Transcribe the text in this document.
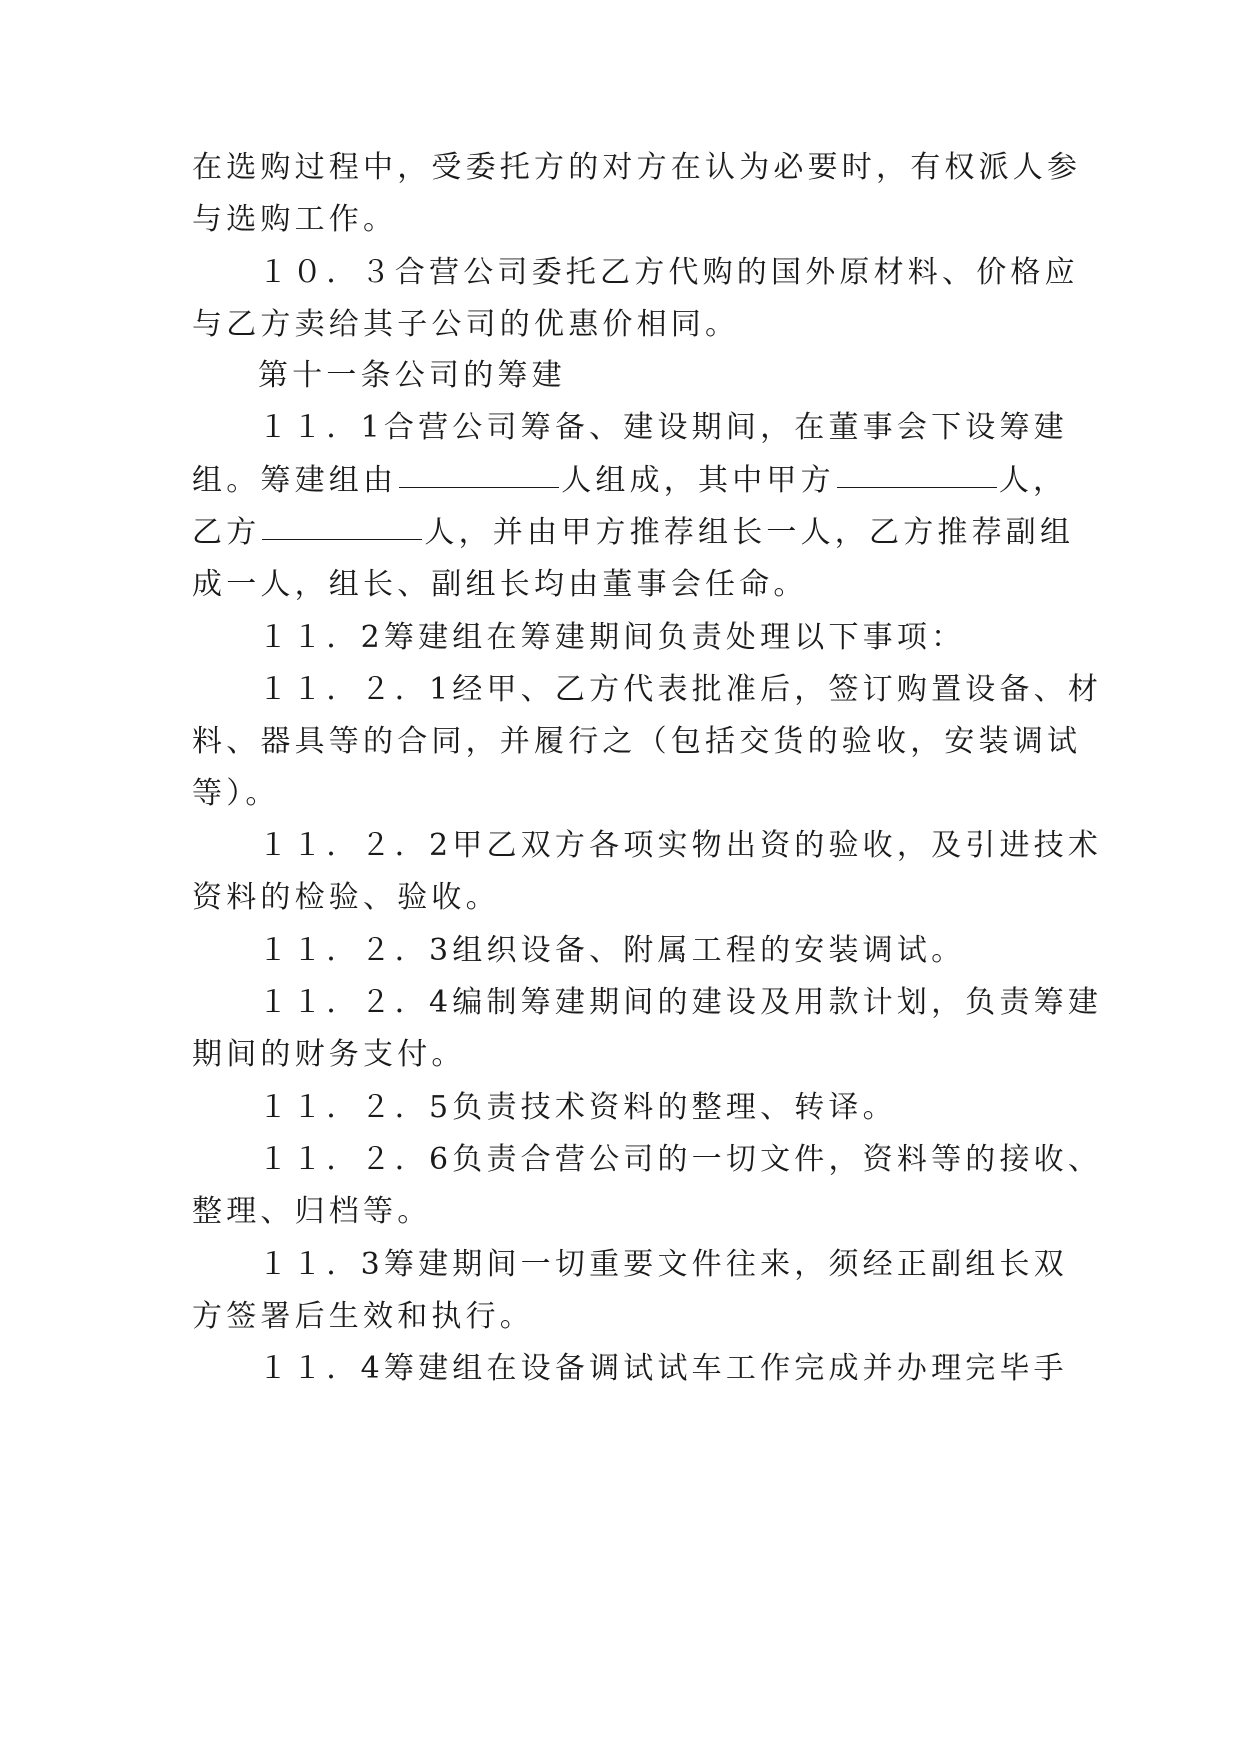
在选购过程中，受委托方的对方在认为必要时，有权派人参
与选购工作。
１０．３合营公司委托乙方代购的国外原材料、价格应
与乙方卖给其子公司的优惠价相同。
第十一条公司的筹建
１１．1合营公司筹备、建设期间，在董事会下设筹建
组。筹建组由	人组成，其中甲方	人，
乙方	人，并由甲方推荐组长一人，乙方推荐副组
成一人，组长、副组长均由董事会任命。
１１．2筹建组在筹建期间负责处理以下事项：
１１．２．1经甲、乙方代表批准后，签订购置设备、材
料、器具等的合同，并履行之（包括交货的验收，安装调试
等）。
１１．２．2甲乙双方各项实物出资的验收，及引进技术
资料的检验、验收。
１１．２．3组织设备、附属工程的安装调试。
１１．２．4编制筹建期间的建设及用款计划，负责筹建
期间的财务支付。
１１．２．5负责技术资料的整理、转译。
１１．２．6负责合营公司的一切文件，资料等的接收、
整理、归档等。
１１．3筹建期间一切重要文件往来，须经正副组长双
方签署后生效和执行。
１１．4筹建组在设备调试试车工作完成并办理完毕手
